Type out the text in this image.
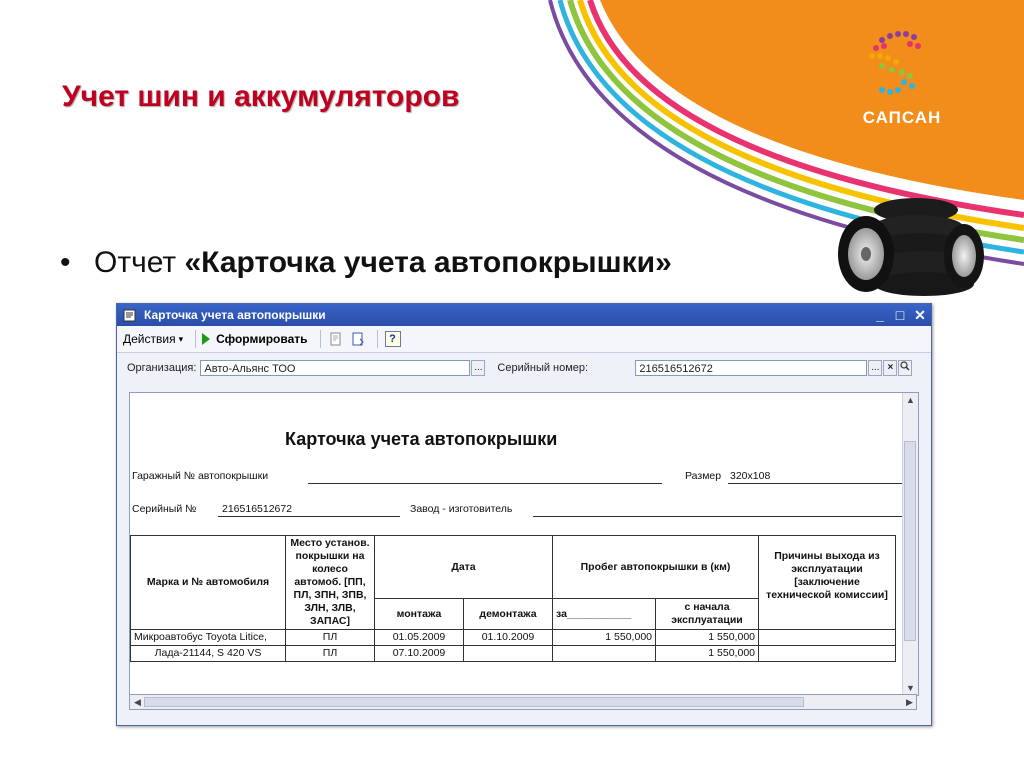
САПСАН
Учет шин и аккумуляторов
• Отчет «Карточка учета автопокрышки»
Карточка учета автопокрышки	_ □ ✕
Действия ▾	Сформировать	?
Организация: Авто-Альянс ТОО	... Серийный номер:	216516512672	... ×
Карточка учета автопокрышки
Гаражный № автопокрышки	Размер 320х108
Серийный № 216516512672	Завод - изготовитель
Марка и № автомобиля	Место установ. покрышки на колесо автомоб. [ПП, ПЛ, ЗПН, ЗПВ, ЗЛН, ЗЛВ, ЗАПАС]	Дата		Пробег автопокрышки в (км)		Причины выхода из эксплуатации [заключение технической комиссии]
		монтажа	демонтажа	за___________	с начала эксплуатации	
Микроавтобус Toyota Litice,	ПЛ	01.05.2009	01.10.2009	1 550,000	1 550,000	
Лада-21144, S 420 VS	ПЛ	07.10.2009			1 550,000	
▲
▼
◀	▶
